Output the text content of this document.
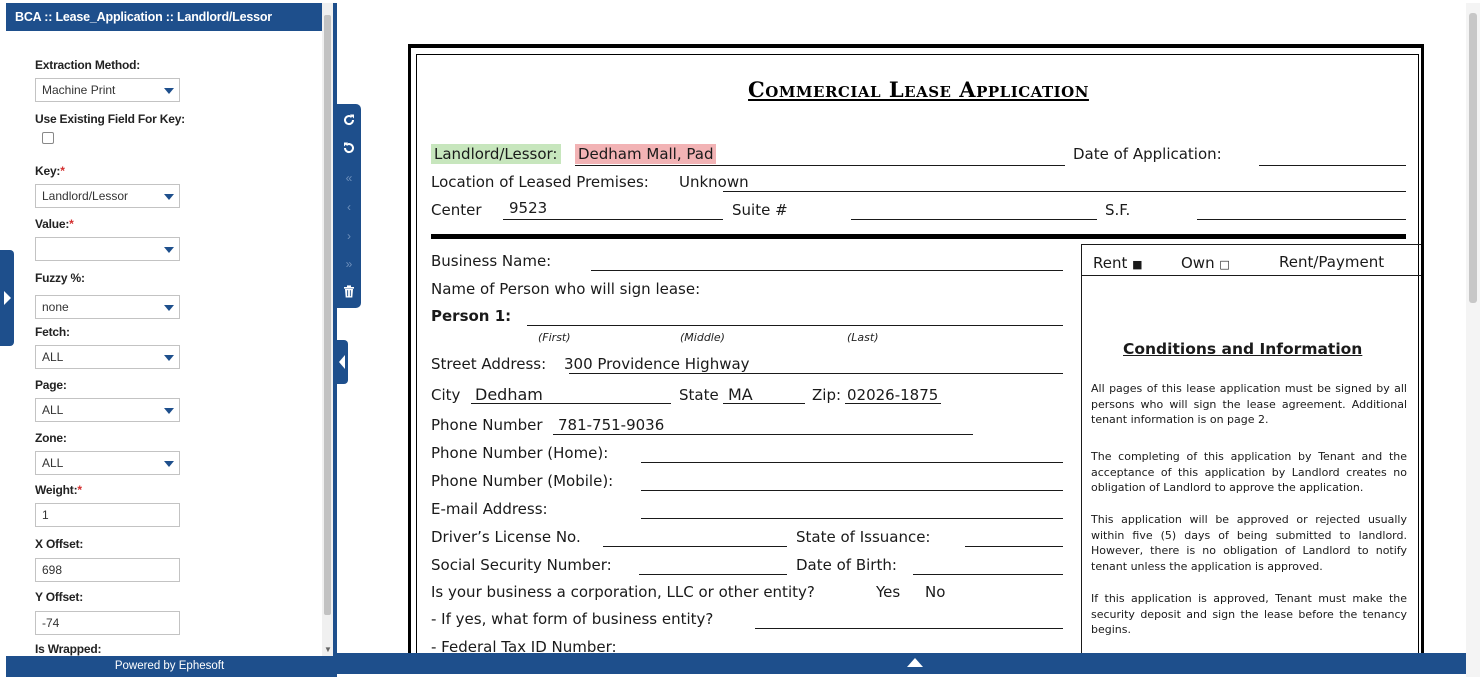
BCA :: Lease_Application :: Landlord/Lessor
Extraction Method:
Machine Print
Use Existing Field For Key:
Key:*
Landlord/Lessor
Value:*
Fuzzy %:
none
Fetch:
ALL
Page:
ALL
Zone:
ALL
Weight:*
1
X Offset:
698
Y Offset:
-74
Is Wrapped:	▼
Powered by Ephesoft
«
‹
›
»
Commercial Lease Application
Landlord/Lessor: Dedham Mall, Pad	Date of Application:
Location of Leased Premises: Unknown
Center 9523	Suite #	S.F.
Rent ■	Own □	Rent/Payment
Conditions and Information
All pages of this lease application must be signed by all persons who will sign the lease agreement. Additional tenant information is on page 2.
The completing of this application by Tenant and the acceptance of this application by Landlord creates no obligation of Landlord to approve the application.
This application will be approved or rejected usually within five (5) days of being submitted to landlord. However, there is no obligation of Landlord to notify tenant unless the application is approved.
If this application is approved, Tenant must make the security deposit and sign the lease before the tenancy begins.
Business Name:
Name of Person who will sign lease:
Person 1:
(First)	(Middle)	(Last)
Street Address: 300 Providence Highway
City Dedham	State MA	Zip: 02026-1875
Phone Number 781-751-9036
Phone Number (Home):
Phone Number (Mobile):
E-mail Address:
Driver’s License No.	State of Issuance:
Social Security Number:	Date of Birth:
Is your business a corporation, LLC or other entity?	Yes No
- If yes, what form of business entity?
- Federal Tax ID Number:
